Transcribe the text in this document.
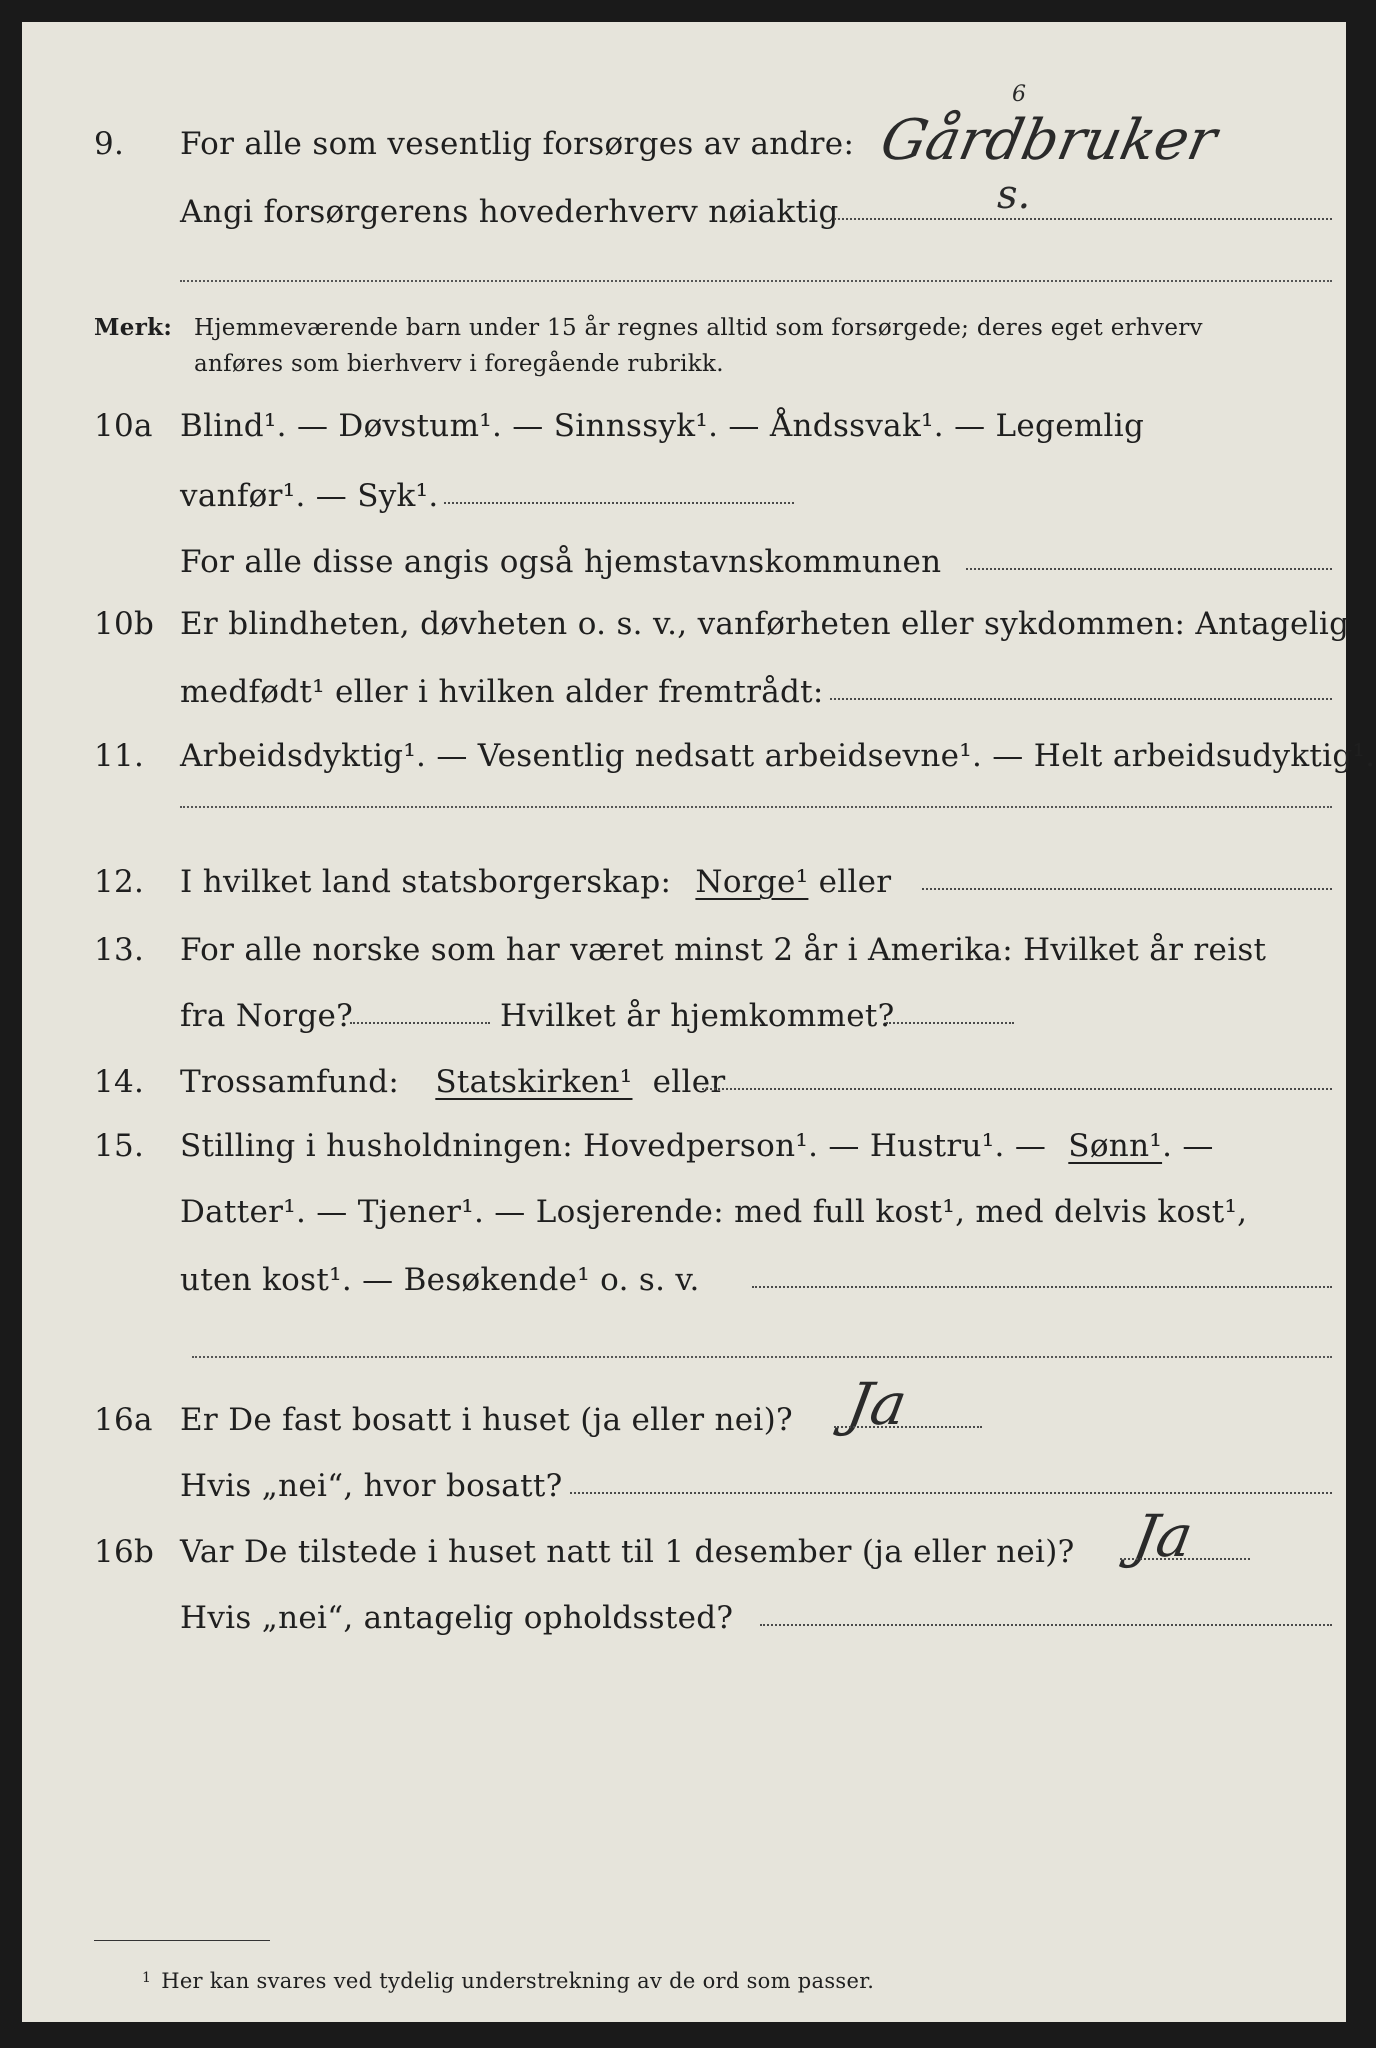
9. For alle som vesentlig forsørges av andre: Gårdbruker
6
s.
Angi forsørgerens hovederhverv nøiaktig
Merk: Hjemmeværende barn under 15 år regnes alltid som forsørgede; deres eget erhverv
anføres som bierhverv i foregående rubrikk.
10a Blind¹. — Døvstum¹. — Sinnssyk¹. — Åndssvak¹. — Legemlig
vanfør¹. — Syk¹.
For alle disse angis også hjemstavnskommunen
10b Er blindheten, døvheten o. s. v., vanførheten eller sykdommen: Antagelig
medfødt¹ eller i hvilken alder fremtrådt:
11. Arbeidsdyktig¹. — Vesentlig nedsatt arbeidsevne¹. — Helt arbeidsudyktig¹.
12. I hvilket land statsborgerskap: Norge¹ eller
13. For alle norske som har været minst 2 år i Amerika: Hvilket år reist
fra Norge?	Hvilket år hjemkommet?
14. Trossamfund: Statskirken¹ eller
15. Stilling i husholdningen: Hovedperson¹. — Hustru¹. — Sønn¹. —
Datter¹. — Tjener¹. — Losjerende: med full kost¹, med delvis kost¹,
uten kost¹. — Besøkende¹ o. s. v.
16a Er De fast bosatt i huset (ja eller nei)? Ja
Hvis „nei“, hvor bosatt?
16b Var De tilstede i huset natt til 1 desember (ja eller nei)? Ja
Hvis „nei“, antagelig opholdssted?
$^1$ Her kan svares ved tydelig understrekning av de ord som passer.
